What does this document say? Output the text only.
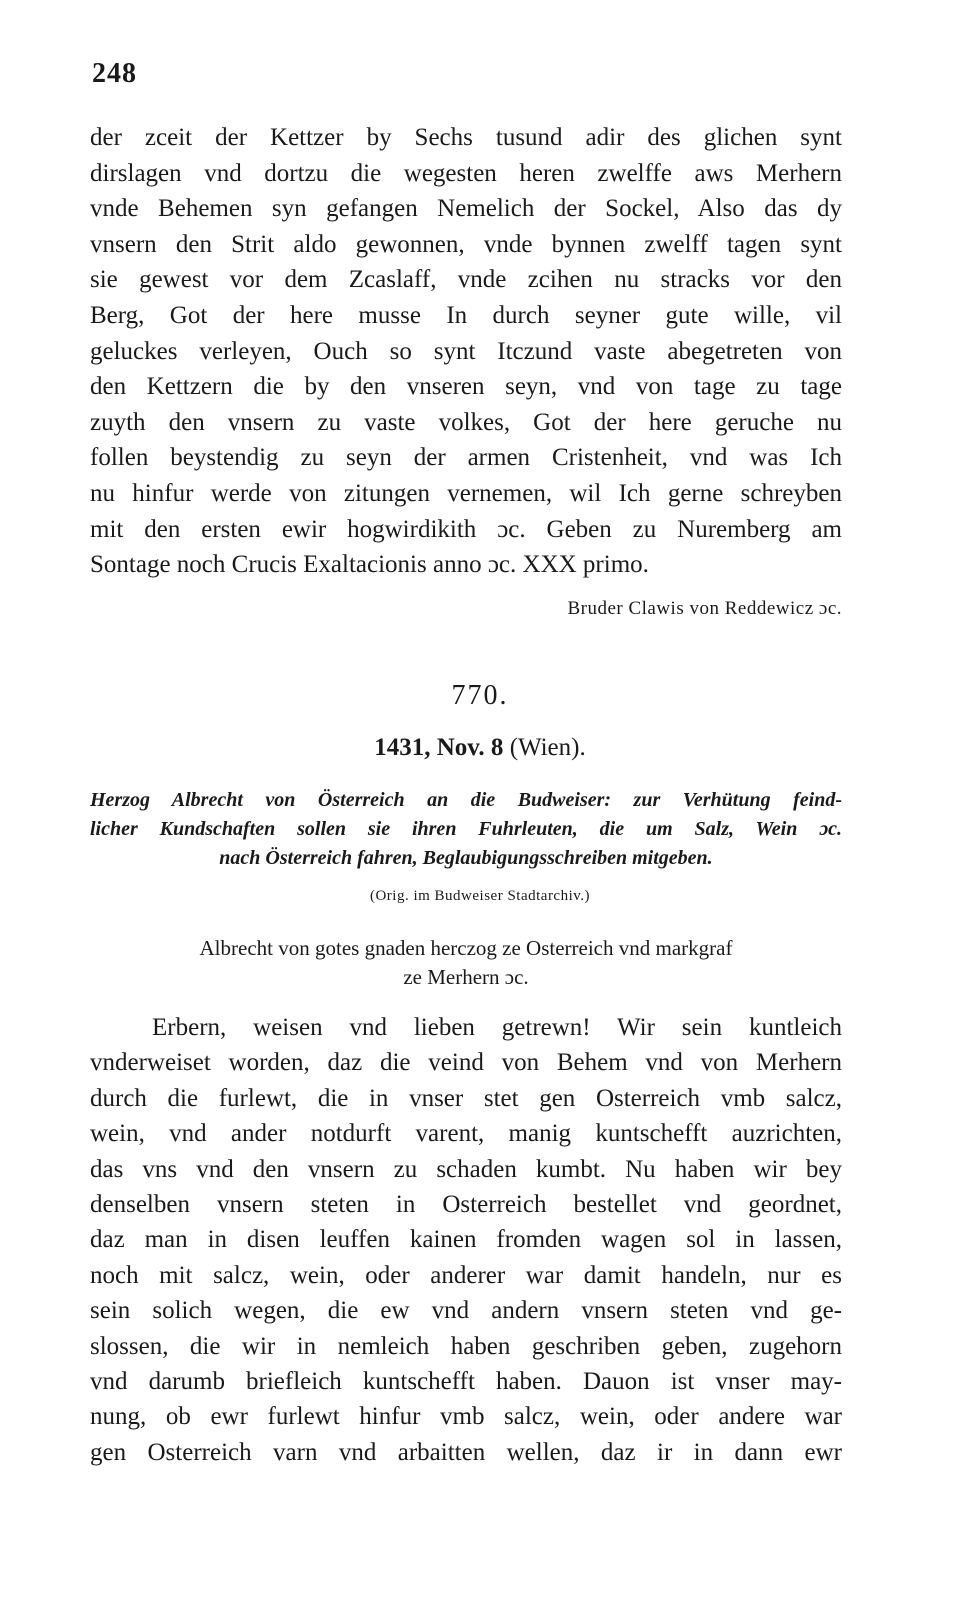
248
der zceit der Kettzer by Sechs tusund adir des glichen synt
dirslagen vnd dortzu die wegesten heren zwelffe aws Merhern
vnde Behemen syn gefangen Nemelich der Sockel, Also das dy
vnsern den Strit aldo gewonnen, vnde bynnen zwelff tagen synt
sie gewest vor dem Zcaslaff, vnde zcihen nu stracks vor den
Berg, Got der here musse In durch seyner gute wille, vil
geluckes verleyen, Ouch so synt Itczund vaste abegetreten von
den Kettzern die by den vnseren seyn, vnd von tage zu tage
zuyth den vnsern zu vaste volkes, Got der here geruche nu
follen beystendig zu seyn der armen Cristenheit, vnd was Ich
nu hinfur werde von zitungen vernemen, wil Ich gerne schreyben
mit den ersten ewir hogwirdikith ɔc. Geben zu Nuremberg am
Sontage noch Crucis Exaltacionis anno ɔc. XXX primo.
Bruder Clawis von Reddewicz ɔc.
770.
1431, Nov. 8 (Wien).
Herzog Albrecht von Österreich an die Budweiser: zur Verhütung feind-
licher Kundschaften sollen sie ihren Fuhrleuten, die um Salz, Wein ɔc.
nach Österreich fahren, Beglaubigungsschreiben mitgeben.
(Orig. im Budweiser Stadtarchiv.)
Albrecht von gotes gnaden herczog ze Osterreich vnd markgraf
ze Merhern ɔc.
Erbern, weisen vnd lieben getrewn! Wir sein kuntleich
vnderweiset worden, daz die veind von Behem vnd von Merhern
durch die furlewt, die in vnser stet gen Osterreich vmb salcz,
wein, vnd ander notdurft varent, manig kuntschefft auzrichten,
das vns vnd den vnsern zu schaden kumbt. Nu haben wir bey
denselben vnsern steten in Osterreich bestellet vnd geordnet,
daz man in disen leuffen kainen fromden wagen sol in lassen,
noch mit salcz, wein, oder anderer war damit handeln, nur es
sein solich wegen, die ew vnd andern vnsern steten vnd ge-
slossen, die wir in nemleich haben geschriben geben, zugehorn
vnd darumb briefleich kuntschefft haben. Dauon ist vnser may-
nung, ob ewr furlewt hinfur vmb salcz, wein, oder andere war
gen Osterreich varn vnd arbaitten wellen, daz ir in dann ewr
